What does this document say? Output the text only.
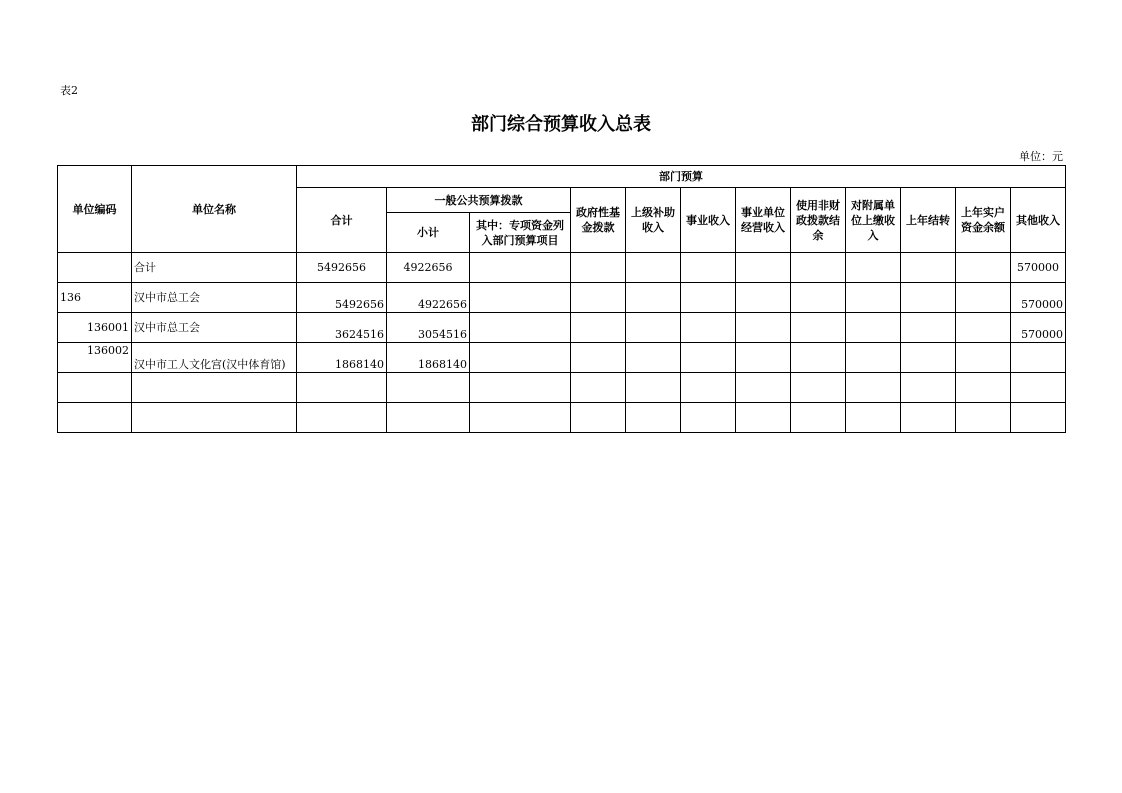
表2
部门综合预算收入总表
单位：元
单位编码	单位名称	部门预算											
		合计	一般公共预算拨款		政府性基金拨款	上级补助收入	事业收入	事业单位经营收入	使用非财政拨款结余	对附属单位上缴收入	上年结转	上年实户资金余额	其他收入
			小计	其中：专项资金列入部门预算项目									
	合计	5492656	4922656										570000
136	汉中市总工会	5492656	4922656										570000
136001	汉中市总工会	3624516	3054516										570000
136002	汉中市工人文化宫(汉中体育馆)	1868140	1868140										
